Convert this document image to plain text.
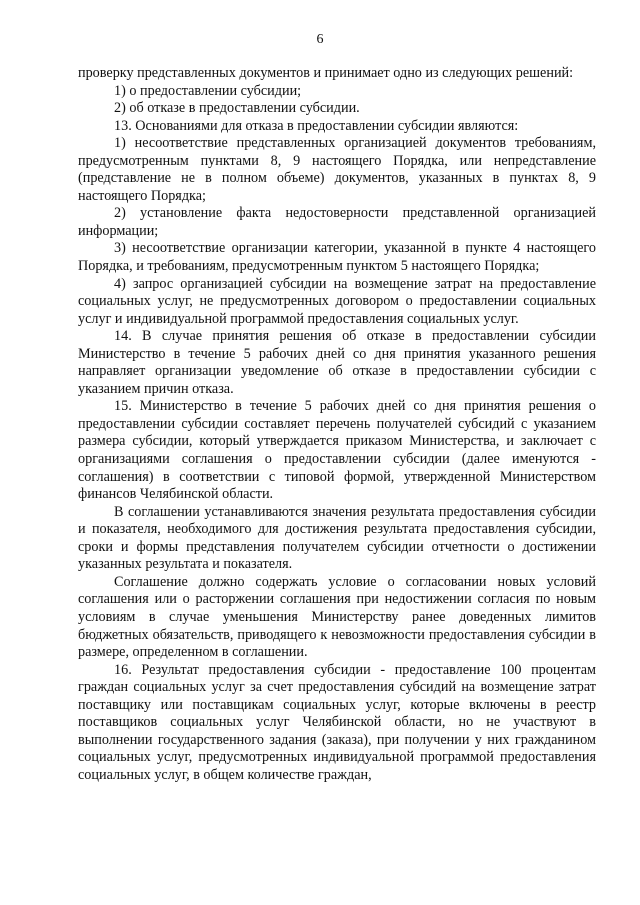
6

проверку представленных документов и принимает одно из следующих решений:

1) о предоставлении субсидии;

2) об отказе в предоставлении субсидии.

13. Основаниями для отказа в предоставлении субсидии являются:

1) несоответствие представленных организацией документов требованиям, предусмотренным пунктами 8, 9 настоящего Порядка, или непредставление (представление не в полном объеме) документов, указанных в пунктах 8, 9 настоящего Порядка;

2) установление факта недостоверности представленной организацией информации;

3) несоответствие организации категории, указанной в пункте 4 настоящего Порядка, и требованиям, предусмотренным пунктом 5 настоящего Порядка;

4) запрос организацией субсидии на возмещение затрат на предоставление социальных услуг, не предусмотренных договором о предоставлении социальных услуг и индивидуальной программой предоставления социальных услуг.

14. В случае принятия решения об отказе в предоставлении субсидии Министерство в течение 5 рабочих дней со дня принятия указанного решения направляет организации уведомление об отказе в предоставлении субсидии с указанием причин отказа.

15. Министерство в течение 5 рабочих дней со дня принятия решения о предоставлении субсидии составляет перечень получателей субсидий с указанием размера субсидии, который утверждается приказом Министерства, и заключает с организациями соглашения о предоставлении субсидии (далее именуются - соглашения) в соответствии с типовой формой, утвержденной Министерством финансов Челябинской области.

В соглашении устанавливаются значения результата предоставления субсидии и показателя, необходимого для достижения результата предоставления субсидии, сроки и формы представления получателем субсидии отчетности о достижении указанных результата и показателя.

Соглашение должно содержать условие о согласовании новых условий соглашения или о расторжении соглашения при недостижении согласия по новым условиям в случае уменьшения Министерству ранее доведенных лимитов бюджетных обязательств, приводящего к невозможности предоставления субсидии в размере, определенном в соглашении.

16. Результат предоставления субсидии - предоставление 100 процентам граждан социальных услуг за счет предоставления субсидий на возмещение затрат поставщику или поставщикам социальных услуг, которые включены в реестр поставщиков социальных услуг Челябинской области, но не участвуют в выполнении государственного задания (заказа), при получении у них гражданином социальных услуг, предусмотренных индивидуальной программой предоставления социальных услуг, в общем количестве граждан,
